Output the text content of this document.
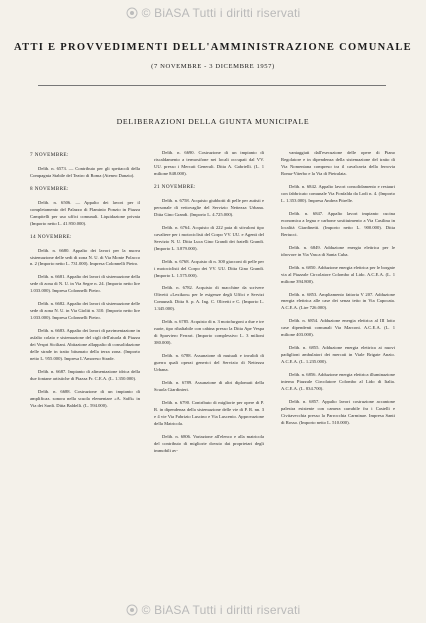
© BiASA Tutti i diritti riservati
ATTI E PROVVEDIMENTI DELL'AMMINISTRAZIONE COMUNALE
(7 NOVEMBRE - 3 DICEMBRE 1957)
DELIBERAZIONI DELLA GIUNTA MUNICIPALE
7 NOVEMBRE:
Delib. n. 6573. — Contributo per gli spettacoli della Compagnia Stabile del Teatro di Roma (Ateneo Danzio).
8 NOVEMBRE:
Delib. n. 6506. — Appalto dei lavori per il completamento del Palazzo di Flaminio Ponzio in Piazza Campitelli per uso uffici comunali. Liquidazione privata (Importo netto L. 41.950.000).
14 NOVEMBRE:
Delib. n. 6680. Appalto dei lavori per la nuova sistemazione delle sedi di zona N. U. di Via Monte Polacco n. 2 (Importo netto L. 731.000). Impresa Colonnelli Pietro.
Delib. n. 6681. Appalto dei lavori di sistemazione della sede di zona di N. U. in Via Segre n. 24. (Importo netto lire 1.033.000). Impresa Colonnelli Pietro.
Delib. n. 6682. Appalto dei lavori di sistemazione delle sede di zona N. U. in Via Gioliti n. 310. (Importo netto lire 1.033.000). Impresa Colonnelli Pietro.
Delib. n. 6683. Appalto dei lavori di pavimentazione in asfalto colato e sistemazione del cigli dell'aiuola di Piazza dei Vespri Siciliani. Abitazione allappalto di consolidazione delle strade in tratto bitumato della terza zona. (Importo netto L. 955.000). Impresa L'Amoreso Strade.
Delib. n. 6687. Impianto di alimentazione idrica della due fontane artistiche di Piazza Fr. C.E.A. (L. 1.350.000).
Delib. n. 6688. Costruzione di un impianto di amplificaz. sonora nella scuola elementare «A. Saffi» in Via dei Sardi. Ditta Baldelli. (L. 594.000).
Delib. n. 6690. Costruzione di un impianto di riscaldamento a termosifone nei locali occupati dal VV. UU. presso i Mercati Generali. Ditta A. Gabrielli. (L. 1 milione 848.000).
21 NOVEMBRE:
Delib. n. 6758. Acquisto giubbotti di pelle per autisti e personale di vettovaglie del Servizio Nettezza Urbana. Ditta Gino Grandi. (Importo L. 4.725.000).
Delib. n. 6764. Acquisto di 222 paia di stivaloni tipo cavaliere per i motociclisti del Corpo VV. UU. e Agenti del Servizio N. U. Ditta Luca Gino Grandi dei fratelli Grandi. (Importo L. 3.879.000).
Delib. n. 6768. Acquisto di n. 300 giacconi di pelle per i motociclisti del Corpo dei VV. UU. Ditta Gino Grandi. (Importo L. 1.575.000).
Delib. n. 6782. Acquisto di macchine da scrivere Olivetti «Lexikon» per le esigenze degli Uffici e Servizi Comunali. Ditta S. p. A. Ing. C. Olivetti e C. (Importo L. 1.345.000).
Delib. n. 6785. Acquisto di n. 3 motofurgoni a due e tre ruote, tipo ribaltabile con cabina presso la Ditta Ape Vespa di Sparviero Ferrari. (Importo complessivo L. 3 milioni 380.000).
Delib. n. 6788. Assunzione di mutuali e invalidi di guerra quali operai generici del Servizio di Nettezza Urbana.
Delib. n. 6789. Assunzione di altri diplomati della Scuola Giardinieri.
Delib. n. 6790. Contributo di migliorie per opere di P. R. in dipendenza della sistemazione delle vie di P. R. nn. 3 e 4 vie Via Fabrizio Luscino e Via Luscenio. Approvazione della Matricola.
Delib. n. 6806. Variazione all'elenco e alla matricola del contributo di migliorie dovuto dai proprietari degli immobili av-
vantaggiati dall'esecuzione delle opere di Piano Regolatore e in dipendenza della sistemazione del tratto di Via Nomentana compreso tra il cavalcavia della ferrovia Roma-Viterbo e la Via di Pietralata.
Delib. n. 6842. Appalto lavori consolidamento e restauri con fabbricato comunale Via Fonfalda da Lodi n. 4. (Importo L. 1.353.000). Impresa Andrea Pitrelle.
Delib. n. 6847. Appalto lavori impianto cucina economica a legna e carbone sostituimento a Via Casilina in località Giardinetti. (Importo netto L. 900.000). Ditta Bertucci.
Delib. n. 6849. Adduzione energia elettrica per le idrovore in Via Vasca di Santa Cuba.
Delib. n. 6850. Adduzione energia elettrica per le borgate via al Piazzale Circolatore Colombo al Lido. A.C.E.A. (L. 1 milione 394.800).
Delib. n. 6853. Ampliamento fattoria V 207. Adduzione energia elettrica alle case dei senza tetto in Via Capocata. A.C.E.A. (Lire 726.000).
Delib. n. 6854. Adduzione energia elettrica al III lotto case dipendenti comunali Via Marconi. A.C.E.A. (L. 1 milione 403.000).
Delib. n. 6855. Adduzione energia elettrica ai nuovi padiglioni ambulatori dei mercati in Viale Brigate Anzio. A.C.E.A. (L. 1.235.000).
Delib. n. 6856. Adduzione energia elettrica illuminazione interna Piazzale Circolatore Colombo al Lido di Italia. A.C.E.A. (L. 834.700).
Delib. n. 6857. Appalto lavori costruzione accantone palestra esistente con camera carrabile fra i Castelli e Civitavecchia presso la Parrocchia Carminae. Impresa Santi di Rosso. (Importo netto L. 510.000).
© BiASA Tutti i diritti riservati
